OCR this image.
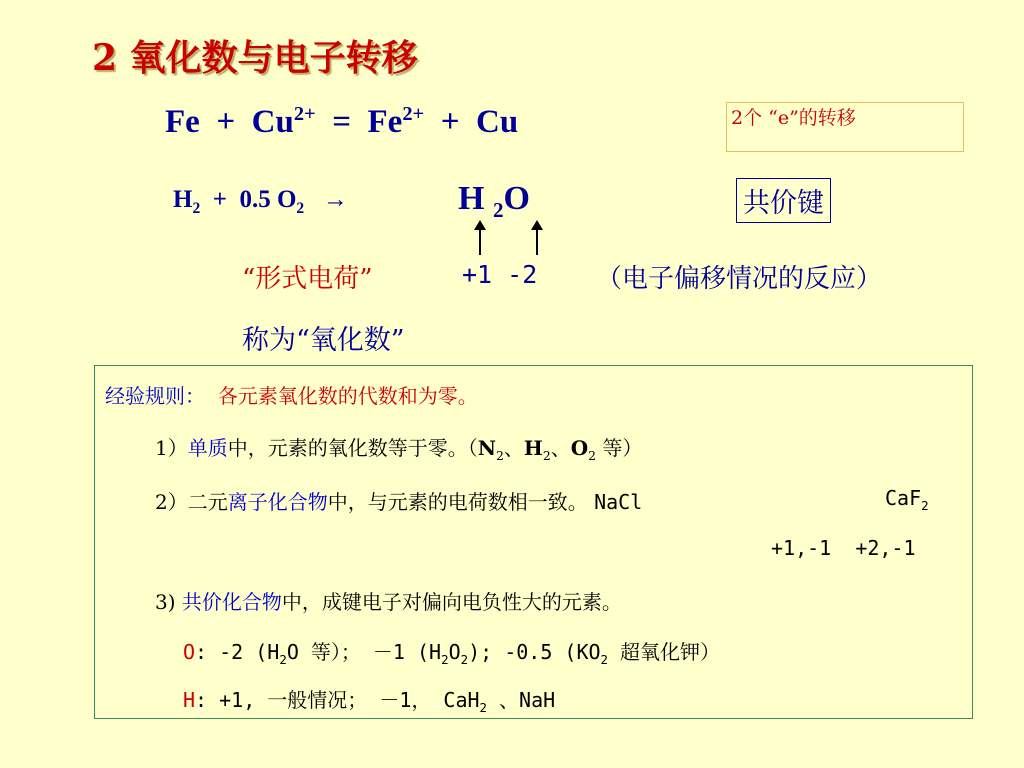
2 氧化数与电子转移
$Fe + Cu^{2+} = Fe^{2+} + Cu$	2个 “e”的转移
$H_2 + 0.5$ $O_2$ →	H $_2$O	共价键
“形式电荷”	+1 -2 （电子偏移情况的反应）
称为“氧化数”
经验规则： 各元素氧化数的代数和为零。
1）单质中，元素的氧化数等于零。（$N_2$、$H_2$、$O_2$ 等）
2）二元离子化合物中，与元素的电荷数相一致。 NaCl	CaF$_2$
+1,-1 +2,-1
3) 共价化合物中，成键电子对偏向电负性大的元素。
O: -2 ($H_2O$ 等）； －1 $(H_2O_2)$; -0.5 ($KO_2$ 超氧化钾）
H: +1, 一般情况； －1， CaH$_2$ 、NaH
